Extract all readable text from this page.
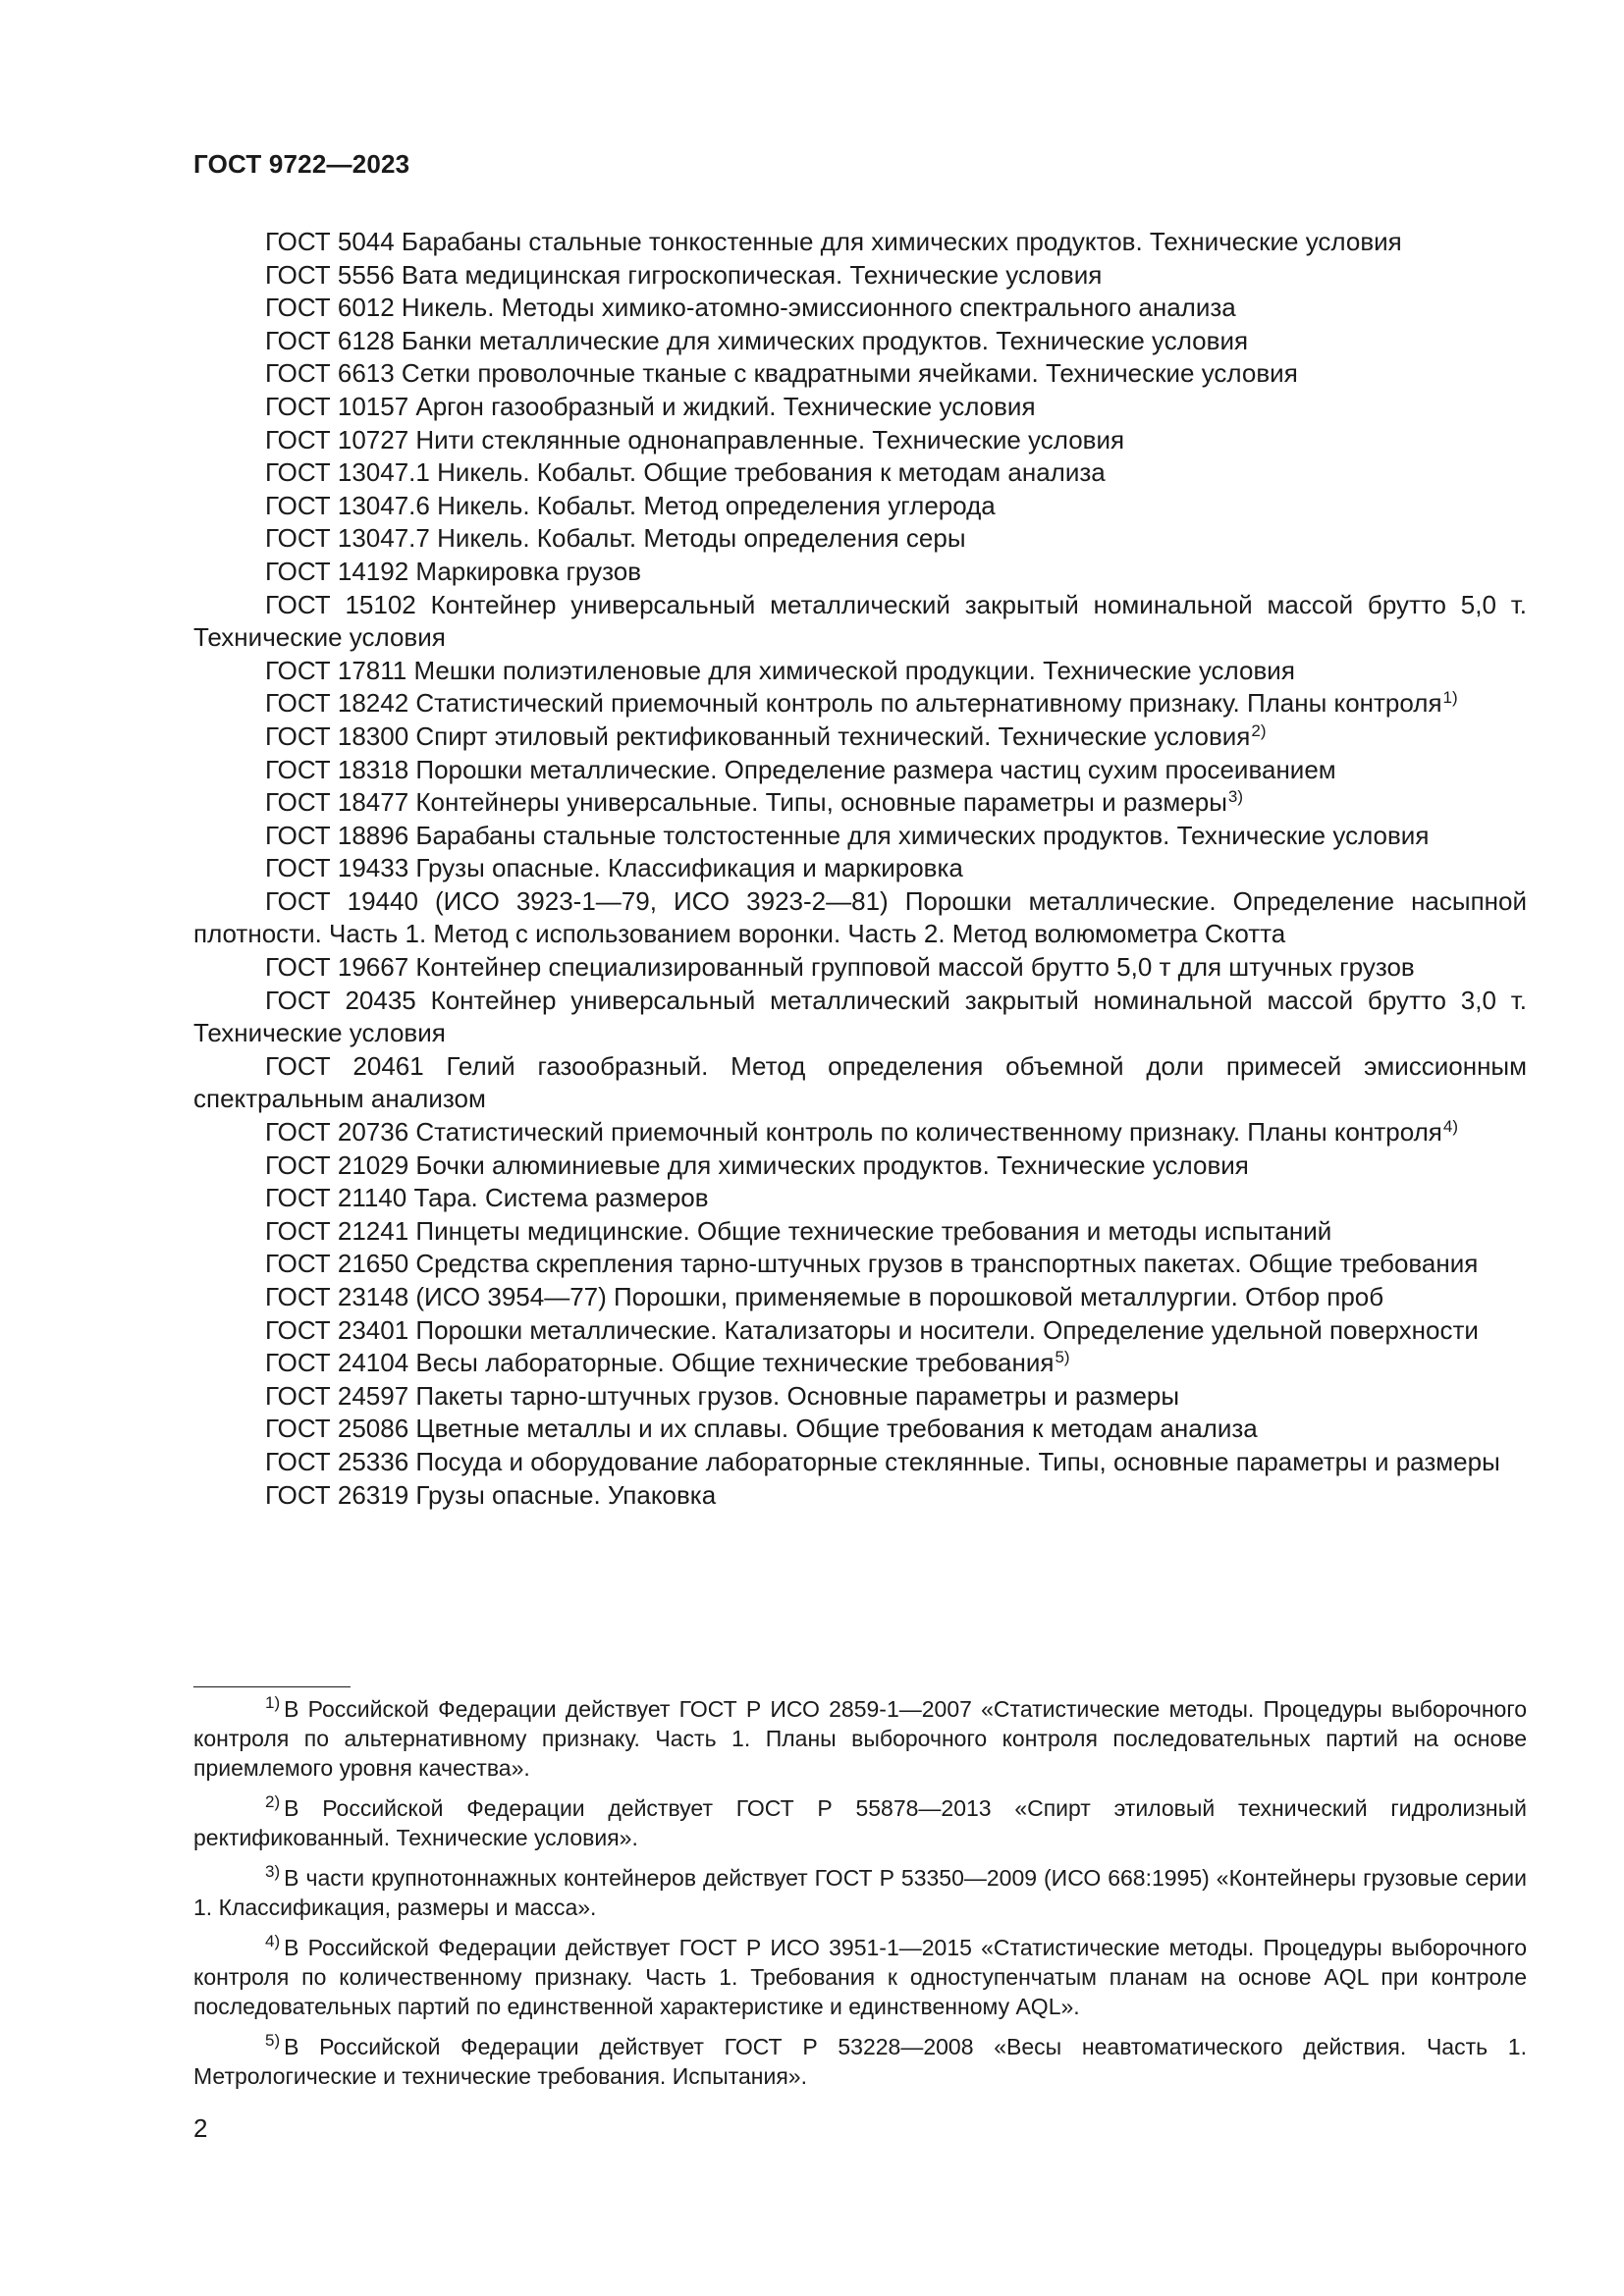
ГОСТ 9722—2023

ГОСТ 5044 Барабаны стальные тонкостенные для химических продуктов. Технические условия

ГОСТ 5556 Вата медицинская гигроскопическая. Технические условия

ГОСТ 6012 Никель. Методы химико-атомно-эмиссионного спектрального анализа

ГОСТ 6128 Банки металлические для химических продуктов. Технические условия

ГОСТ 6613 Сетки проволочные тканые с квадратными ячейками. Технические условия

ГОСТ 10157 Аргон газообразный и жидкий. Технические условия

ГОСТ 10727 Нити стеклянные однонаправленные. Технические условия

ГОСТ 13047.1 Никель. Кобальт. Общие требования к методам анализа

ГОСТ 13047.6 Никель. Кобальт. Метод определения углерода

ГОСТ 13047.7 Никель. Кобальт. Методы определения серы

ГОСТ 14192 Маркировка грузов

ГОСТ 15102 Контейнер универсальный металлический закрытый номинальной массой брутто 5,0 т. Технические условия

ГОСТ 17811 Мешки полиэтиленовые для химической продукции. Технические условия

ГОСТ 18242 Статистический приемочный контроль по альтернативному признаку. Планы контроля$^{1)}$

ГОСТ 18300 Спирт этиловый ректификованный технический. Технические условия$^{2)}$

ГОСТ 18318 Порошки металлические. Определение размера частиц сухим просеиванием

ГОСТ 18477 Контейнеры универсальные. Типы, основные параметры и размеры$^{3)}$

ГОСТ 18896 Барабаны стальные толстостенные для химических продуктов. Технические условия

ГОСТ 19433 Грузы опасные. Классификация и маркировка

ГОСТ 19440 (ИСО 3923-1—79, ИСО 3923-2—81) Порошки металлические. Определение насыпной плотности. Часть 1. Метод с использованием воронки. Часть 2. Метод волюмометра Скотта

ГОСТ 19667 Контейнер специализированный групповой массой брутто 5,0 т для штучных грузов

ГОСТ 20435 Контейнер универсальный металлический закрытый номинальной массой брутто 3,0 т. Технические условия

ГОСТ 20461 Гелий газообразный. Метод определения объемной доли примесей эмиссионным спектральным анализом

ГОСТ 20736 Статистический приемочный контроль по количественному признаку. Планы контроля$^{4)}$

ГОСТ 21029 Бочки алюминиевые для химических продуктов. Технические условия

ГОСТ 21140 Тара. Система размеров

ГОСТ 21241 Пинцеты медицинские. Общие технические требования и методы испытаний

ГОСТ 21650 Средства скрепления тарно-штучных грузов в транспортных пакетах. Общие требования

ГОСТ 23148 (ИСО 3954—77) Порошки, применяемые в порошковой металлургии. Отбор проб

ГОСТ 23401 Порошки металлические. Катализаторы и носители. Определение удельной поверхности

ГОСТ 24104 Весы лабораторные. Общие технические требования$^{5)}$

ГОСТ 24597 Пакеты тарно-штучных грузов. Основные параметры и размеры

ГОСТ 25086 Цветные металлы и их сплавы. Общие требования к методам анализа

ГОСТ 25336 Посуда и оборудование лабораторные стеклянные. Типы, основные параметры и размеры

ГОСТ 26319 Грузы опасные. Упаковка

$^{1)}$ В Российской Федерации действует ГОСТ Р ИСО 2859-1—2007 «Статистические методы. Процедуры выборочного контроля по альтернативному признаку. Часть 1. Планы выборочного контроля последовательных партий на основе приемлемого уровня качества».

$^{2)}$ В Российской Федерации действует ГОСТ Р 55878—2013 «Спирт этиловый технический гидролизный ректификованный. Технические условия».

$^{3)}$ В части крупнотоннажных контейнеров действует ГОСТ Р 53350—2009 (ИСО 668:1995) «Контейнеры грузовые серии 1. Классификация, размеры и масса».

$^{4)}$ В Российской Федерации действует ГОСТ Р ИСО 3951-1—2015 «Статистические методы. Процедуры выборочного контроля по количественному признаку. Часть 1. Требования к одноступенчатым планам на основе AQL при контроле последовательных партий по единственной характеристике и единственному AQL».

$^{5)}$ В Российской Федерации действует ГОСТ Р 53228—2008 «Весы неавтоматического действия. Часть 1. Метрологические и технические требования. Испытания».

2
